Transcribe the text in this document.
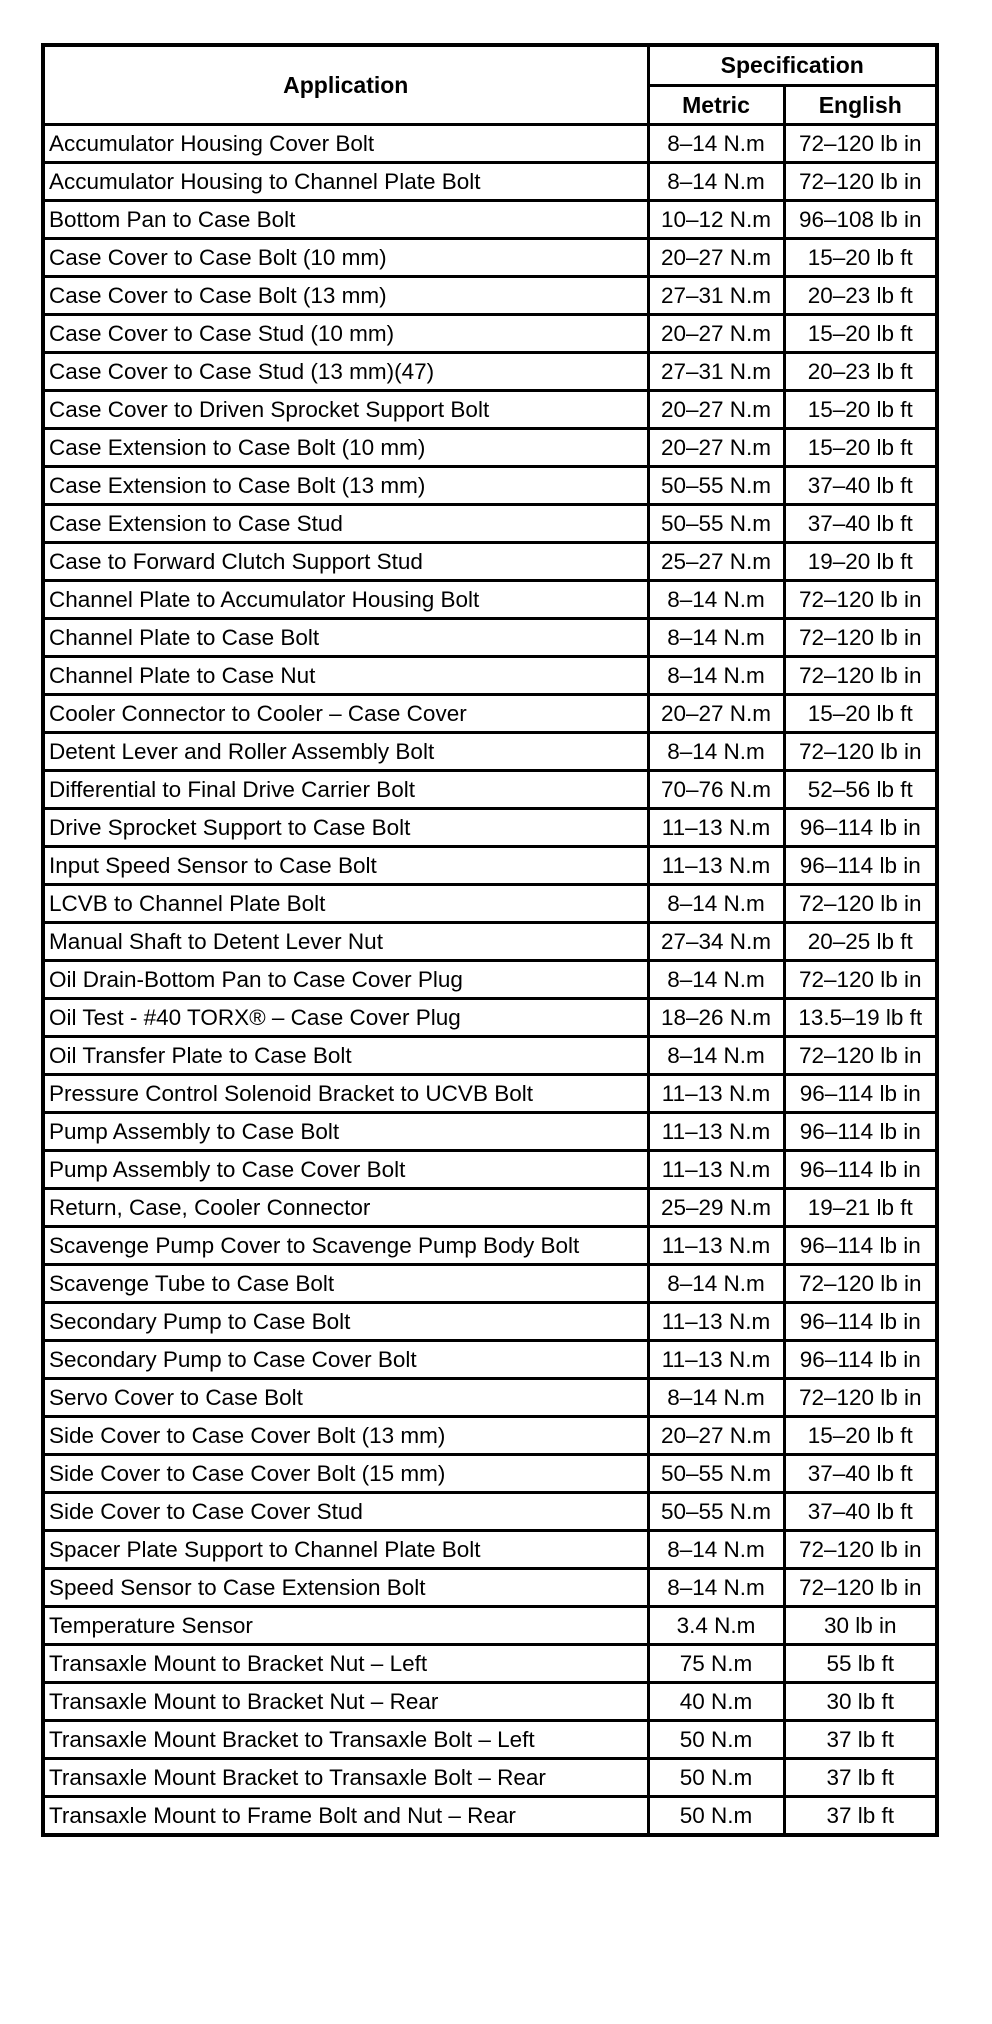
Application	Specification	
	Metric	English
Accumulator Housing Cover Bolt	8–14 N.m	72–120 lb in
Accumulator Housing to Channel Plate Bolt	8–14 N.m	72–120 lb in
Bottom Pan to Case Bolt	10–12 N.m	96–108 lb in
Case Cover to Case Bolt (10 mm)	20–27 N.m	15–20 lb ft
Case Cover to Case Bolt (13 mm)	27–31 N.m	20–23 lb ft
Case Cover to Case Stud (10 mm)	20–27 N.m	15–20 lb ft
Case Cover to Case Stud (13 mm)(47)	27–31 N.m	20–23 lb ft
Case Cover to Driven Sprocket Support Bolt	20–27 N.m	15–20 lb ft
Case Extension to Case Bolt (10 mm)	20–27 N.m	15–20 lb ft
Case Extension to Case Bolt (13 mm)	50–55 N.m	37–40 lb ft
Case Extension to Case Stud	50–55 N.m	37–40 lb ft
Case to Forward Clutch Support Stud	25–27 N.m	19–20 lb ft
Channel Plate to Accumulator Housing Bolt	8–14 N.m	72–120 lb in
Channel Plate to Case Bolt	8–14 N.m	72–120 lb in
Channel Plate to Case Nut	8–14 N.m	72–120 lb in
Cooler Connector to Cooler – Case Cover	20–27 N.m	15–20 lb ft
Detent Lever and Roller Assembly Bolt	8–14 N.m	72–120 lb in
Differential to Final Drive Carrier Bolt	70–76 N.m	52–56 lb ft
Drive Sprocket Support to Case Bolt	11–13 N.m	96–114 lb in
Input Speed Sensor to Case Bolt	11–13 N.m	96–114 lb in
LCVB to Channel Plate Bolt	8–14 N.m	72–120 lb in
Manual Shaft to Detent Lever Nut	27–34 N.m	20–25 lb ft
Oil Drain-Bottom Pan to Case Cover Plug	8–14 N.m	72–120 lb in
Oil Test - #40 TORX® – Case Cover Plug	18–26 N.m	13.5–19 lb ft
Oil Transfer Plate to Case Bolt	8–14 N.m	72–120 lb in
Pressure Control Solenoid Bracket to UCVB Bolt	11–13 N.m	96–114 lb in
Pump Assembly to Case Bolt	11–13 N.m	96–114 lb in
Pump Assembly to Case Cover Bolt	11–13 N.m	96–114 lb in
Return, Case, Cooler Connector	25–29 N.m	19–21 lb ft
Scavenge Pump Cover to Scavenge Pump Body Bolt	11–13 N.m	96–114 lb in
Scavenge Tube to Case Bolt	8–14 N.m	72–120 lb in
Secondary Pump to Case Bolt	11–13 N.m	96–114 lb in
Secondary Pump to Case Cover Bolt	11–13 N.m	96–114 lb in
Servo Cover to Case Bolt	8–14 N.m	72–120 lb in
Side Cover to Case Cover Bolt (13 mm)	20–27 N.m	15–20 lb ft
Side Cover to Case Cover Bolt (15 mm)	50–55 N.m	37–40 lb ft
Side Cover to Case Cover Stud	50–55 N.m	37–40 lb ft
Spacer Plate Support to Channel Plate Bolt	8–14 N.m	72–120 lb in
Speed Sensor to Case Extension Bolt	8–14 N.m	72–120 lb in
Temperature Sensor	3.4 N.m	30 lb in
Transaxle Mount to Bracket Nut – Left	75 N.m	55 lb ft
Transaxle Mount to Bracket Nut – Rear	40 N.m	30 lb ft
Transaxle Mount Bracket to Transaxle Bolt – Left	50 N.m	37 lb ft
Transaxle Mount Bracket to Transaxle Bolt – Rear	50 N.m	37 lb ft
Transaxle Mount to Frame Bolt and Nut – Rear	50 N.m	37 lb ft
